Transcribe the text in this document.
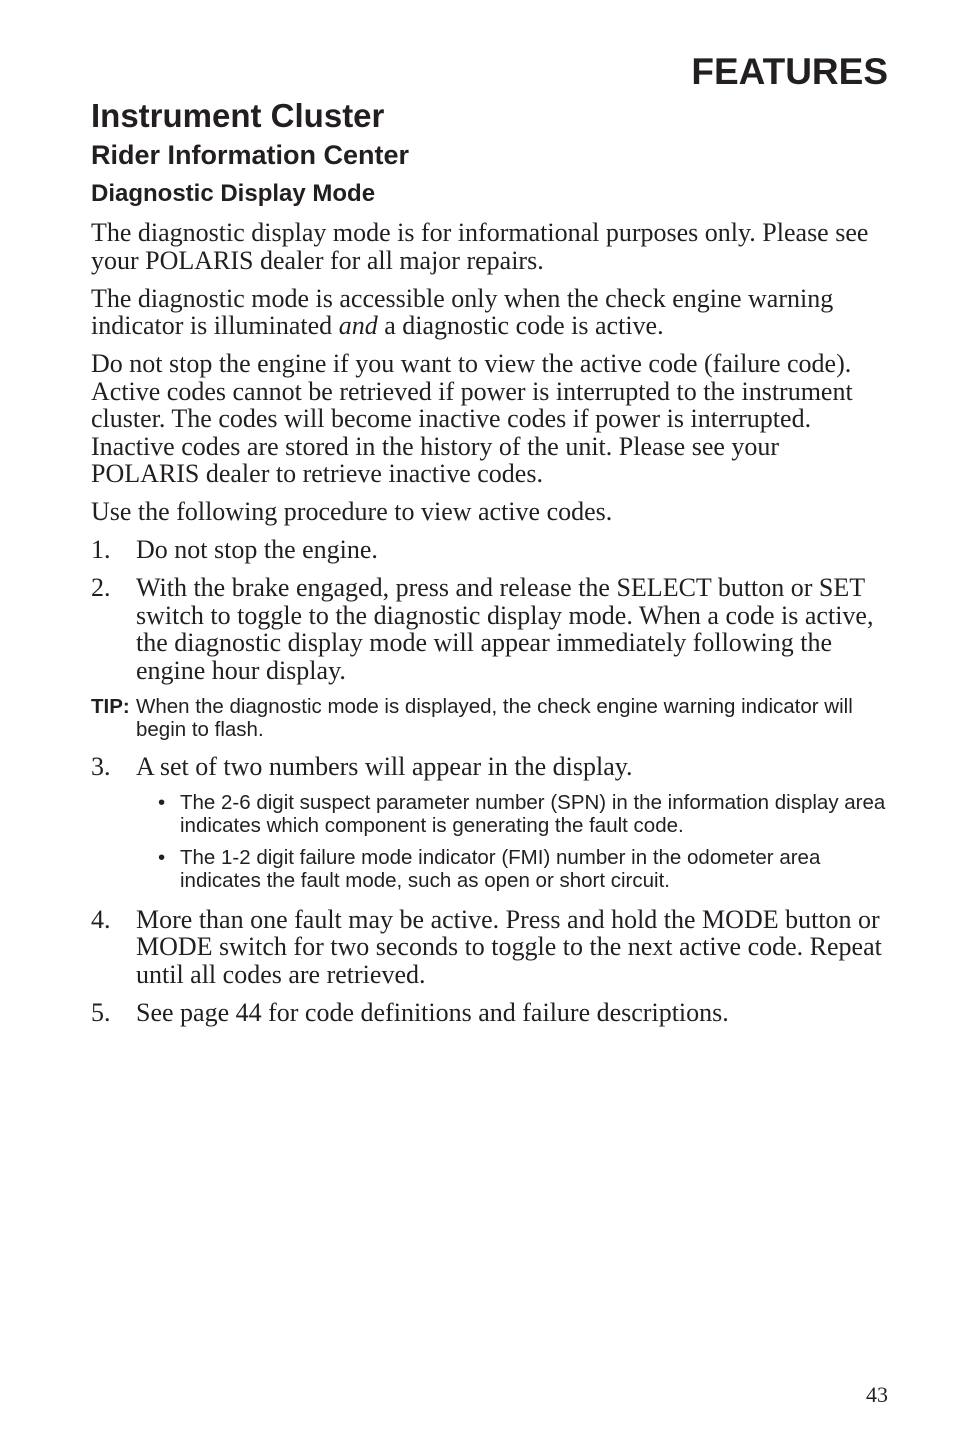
FEATURES
Instrument Cluster
Rider Information Center
Diagnostic Display Mode

The diagnostic display mode is for informational purposes only. Please see your POLARIS dealer for all major repairs.

The diagnostic mode is accessible only when the check engine warning indicator is illuminated and a diagnostic code is active.

Do not stop the engine if you want to view the active code (failure code). Active codes cannot be retrieved if power is interrupted to the instrument cluster. The codes will become inactive codes if power is interrupted. Inactive codes are stored in the history of the unit. Please see your POLARIS dealer to retrieve inactive codes.

Use the following procedure to view active codes.

1. Do not stop the engine.
2. With the brake engaged, press and release the SELECT button or SET switch to toggle to the diagnostic display mode. When a code is active, the diagnostic display mode will appear immediately following the engine hour display.
TIP: When the diagnostic mode is displayed, the check engine warning indicator will begin to flash.
3. A set of two numbers will appear in the display.
• The 2-6 digit suspect parameter number (SPN) in the information display area indicates which component is generating the fault code.
• The 1-2 digit failure mode indicator (FMI) number in the odometer area indicates the fault mode, such as open or short circuit.
4. More than one fault may be active. Press and hold the MODE button or MODE switch for two seconds to toggle to the next active code. Repeat until all codes are retrieved.
5. See page 44 for code definitions and failure descriptions.
43
